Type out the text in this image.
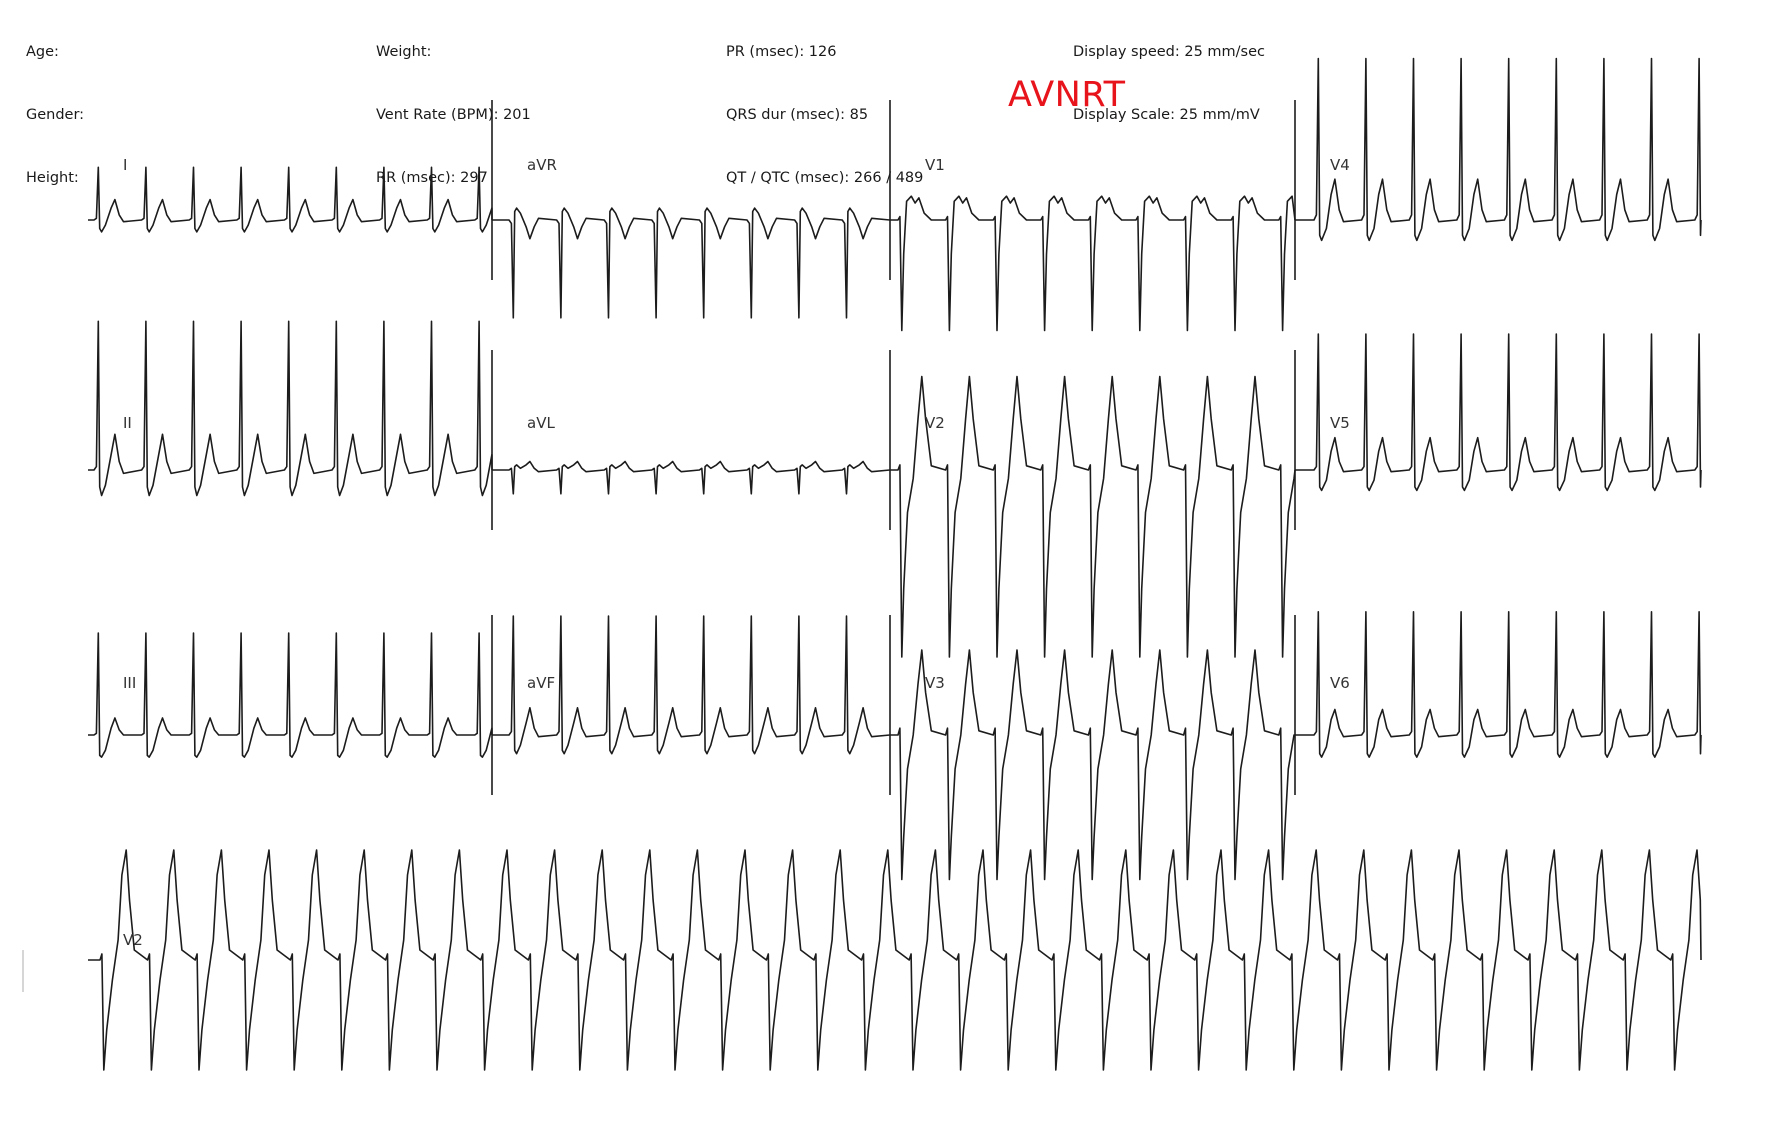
Age:

Gender:

Height:

Weight:

Vent Rate (BPM): 201

RR (msec): 297

PR (msec): 126

QRS dur (msec): 85

QT / QTC (msec): 266 / 489

Display speed: 25 mm/sec

Display Scale: 25 mm/mV

AVNRT
I	aVR	V1	V4
II	aVL	V2	V5
III	aVF	V3	V6
V2
